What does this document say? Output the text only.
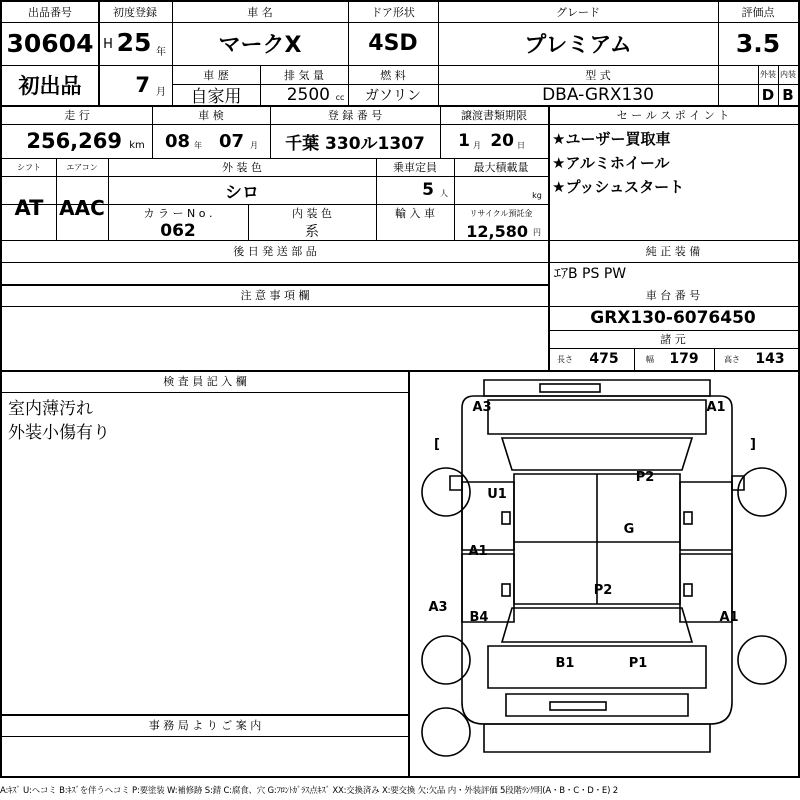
出品番号
30604
初出品
初度登録
H 25 年
7 月
車 名
マークX
ドア形状
4SD
グレード
プレミアム
評価点
3.5
車 歴
自家用
排 気 量
2500 cc
燃 料
ガソリン
型 式
DBA-GRX130
外装 内装
D B
走 行
256,269 km
車 検
08 年 07 月
登 録 番 号
千葉 330ル1307
譲渡書類期限
1 月 20 日
シフト	エアコン
AT AAC
外 装 色
シロ
乗車定員
5 人
最大積載量
kg
カ ラ ー N o .
062
内 装 色
系
輸 入 車	リサイクル預託金
12,580 円
後 日 発 送 部 品
注 意 事 項 欄
セ ー ル ス ポ イ ン ト
★ユーザー買取車
★アルミホイール
★プッシュスタート
純 正 装 備
ｴｱB PS PW
車 台 番 号
GRX130-6076450
諸 元
長さ	475	幅	179	高さ	143
検 査 員 記 入 欄
室内薄汚れ
外装小傷有り
事 務 局 よ り ご 案 内
A3	A1
[	]
P2
U1
G
A1
P2
A3
B4	A1
B1	P1
A:ｷｽﾞ U:ヘコミ B:ｷｽﾞを伴うヘコミ P:要塗装 W:補修跡 S:錆 C:腐食、穴 G:ﾌﾛﾝﾄｶﾞﾗｽ点ｷｽﾞ XX:交換済み X:要交換 欠:欠品 内・外装評価 5段階ﾗﾝｸ明(A・B・C・D・E) 2
